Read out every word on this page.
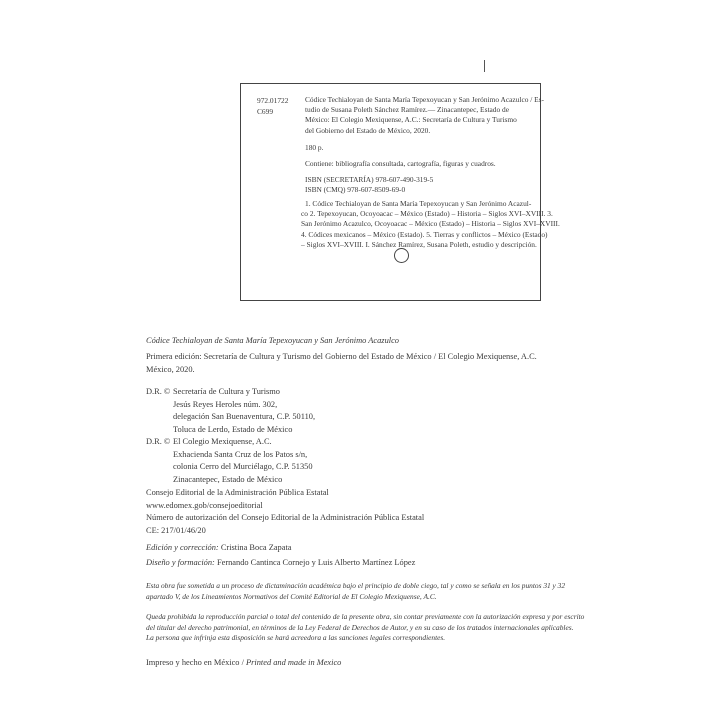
972.01722
C699
Códice Techialoyan de Santa María Tepexoyucan y San Jerónimo Acazulco / Es-
tudio de Susana Poleth Sánchez Ramírez.— Zinacantepec, Estado de
México: El Colegio Mexiquense, A.C.: Secretaría de Cultura y Turismo
del Gobierno del Estado de México, 2020.
180 p.
Contiene: bibliografía consultada, cartografía, figuras y cuadros.
ISBN (SECRETARÍA) 978-607-490-319-5
ISBN (CMQ) 978-607-8509-69-0
1. Códice Techialoyan de Santa María Tepexoyucan y San Jerónimo Acazul-
co 2. Tepexoyucan, Ocoyoacac – México (Estado) – Historia – Siglos XVI–XVIII. 3.
San Jerónimo Acazulco, Ocoyoacac – México (Estado) – Historia – Siglos XVI–XVIII.
4. Códices mexicanos – México (Estado). 5. Tierras y conflictos – México (Estado)
– Siglos XVI–XVIII. I. Sánchez Ramírez, Susana Poleth, estudio y descripción.
Códice Techialoyan de Santa María Tepexoyucan y San Jerónimo Acazulco
Primera edición: Secretaría de Cultura y Turismo del Gobierno del Estado de México / El Colegio Mexiquense, A.C.
México, 2020.
D.R. © Secretaría de Cultura y Turismo
Jesús Reyes Heroles núm. 302,
delegación San Buenaventura, C.P. 50110,
Toluca de Lerdo, Estado de México
D.R. © El Colegio Mexiquense, A.C.
Exhacienda Santa Cruz de los Patos s/n,
colonia Cerro del Murciélago, C.P. 51350
Zinacantepec, Estado de México
Consejo Editorial de la Administración Pública Estatal
www.edomex.gob/consejoeditorial
Número de autorización del Consejo Editorial de la Administración Pública Estatal
CE: 217/01/46/20
Edición y corrección: Cristina Boca Zapata
Diseño y formación: Fernando Cantinca Cornejo y Luis Alberto Martínez López
Esta obra fue sometida a un proceso de dictaminación académica bajo el principio de doble ciego, tal y como se señala en los puntos 31 y 32
apartado V, de los Lineamientos Normativos del Comité Editorial de El Colegio Mexiquense, A.C.
Queda prohibida la reproducción parcial o total del contenido de la presente obra, sin contar previamente con la autorización expresa y por escrito
del titular del derecho patrimonial, en términos de la Ley Federal de Derechos de Autor, y en su caso de los tratados internacionales aplicables.
La persona que infrinja esta disposición se hará acreedora a las sanciones legales correspondientes.
Impreso y hecho en México / Printed and made in Mexico
